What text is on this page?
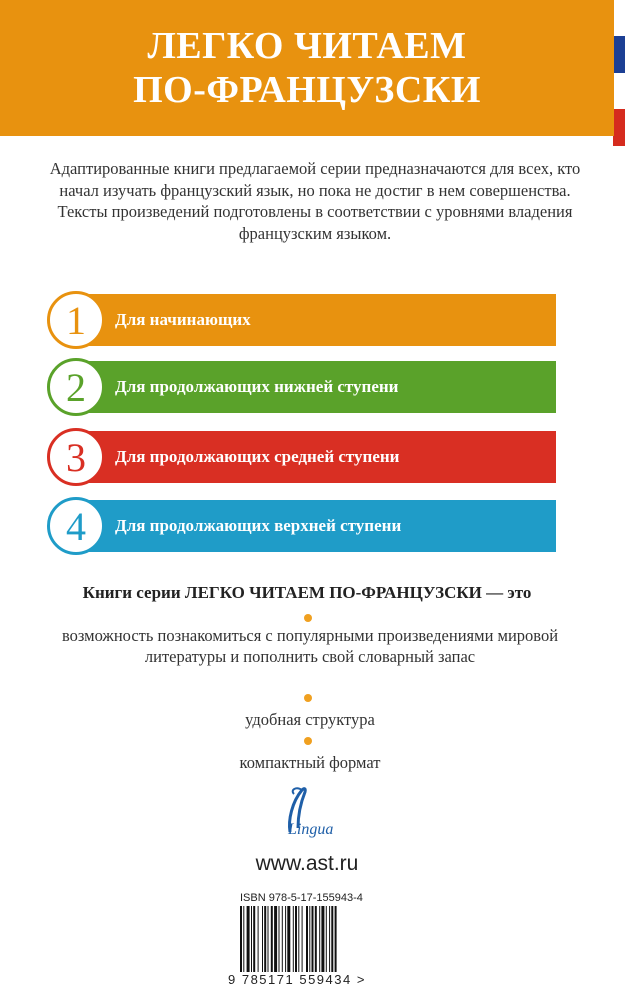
ЛЕГКО ЧИТАЕМ
ПО-ФРАНЦУЗСКИ
Адаптированные книги предлагаемой серии предназначаются для всех, кто начал изучать французский язык, но пока не достиг в нем совершенства.
Тексты произведений подготовлены в соответствии с уровнями владения французским языком.
Для начинающих
1
Для продолжающих нижней ступени
2
Для продолжающих средней ступени
3
Для продолжающих верхней ступени
4
Книги серии ЛЕГКО ЧИТАЕМ ПО-ФРАНЦУЗСКИ — это
возможность познакомиться с популярными произведениями мировой литературы и пополнить свой словарный запас
удобная структура
компактный формат
Lingua
www.ast.ru
ISBN 978-5-17-155943-4
9 785171 559434 >
